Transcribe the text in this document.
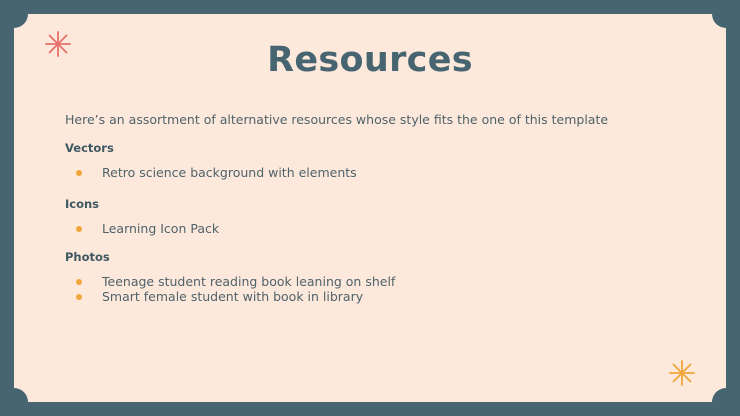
Resources
Here’s an assortment of alternative resources whose style fits the one of this template
Vectors
Retro science background with elements
Icons
Learning Icon Pack
Photos
Teenage student reading book leaning on shelf
Smart female student with book in library
